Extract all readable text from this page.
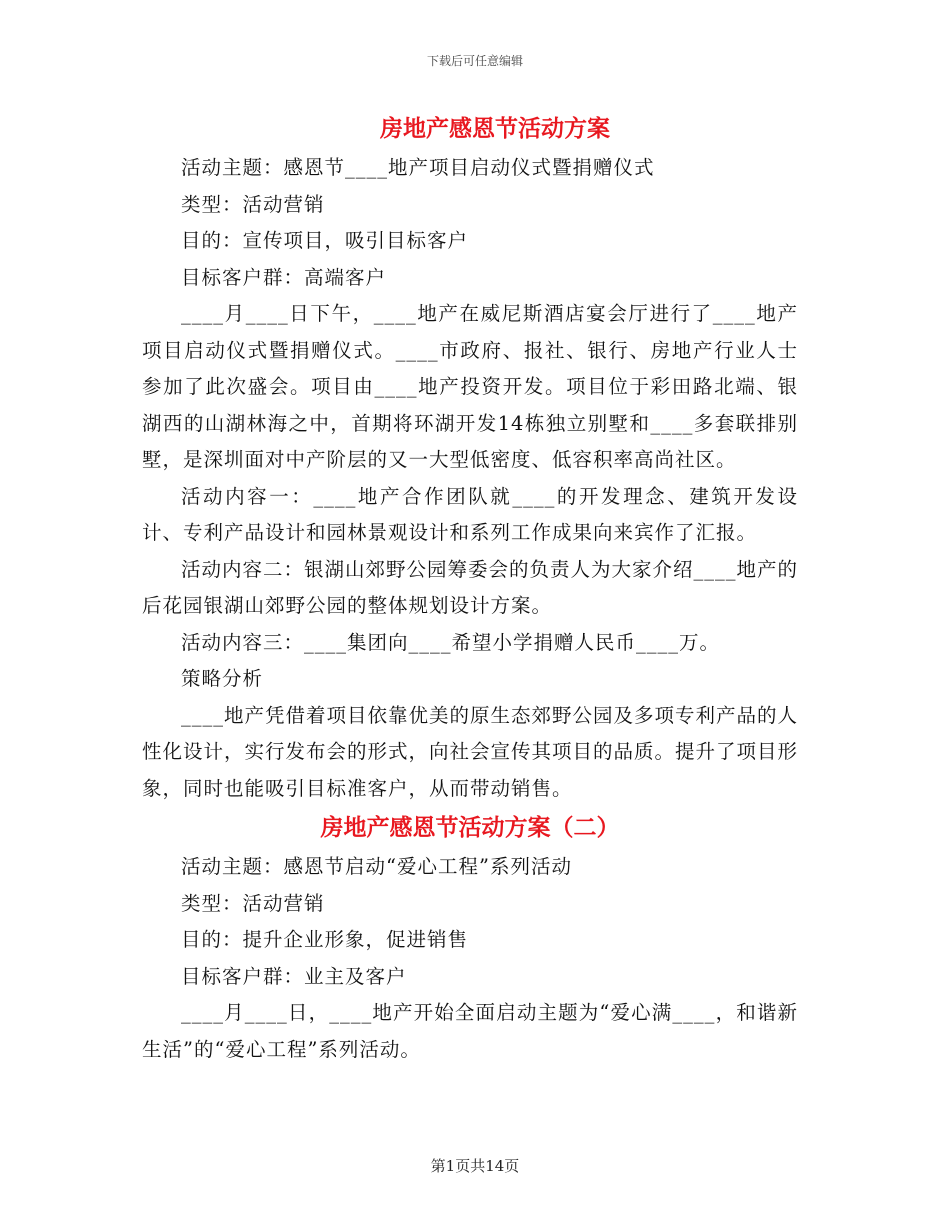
下载后可任意编辑
房地产感恩节活动方案

活动主题：感恩节____地产项目启动仪式暨捐赠仪式

类型：活动营销

目的：宣传项目，吸引目标客户

目标客户群：高端客户

____月____日下午，____地产在威尼斯酒店宴会厅进行了____地产项目启动仪式暨捐赠仪式。____市政府、报社、银行、房地产行业人士参加了此次盛会。项目由____地产投资开发。项目位于彩田路北端、银湖西的山湖林海之中，首期将环湖开发14栋独立别墅和____多套联排别墅，是深圳面对中产阶层的又一大型低密度、低容积率高尚社区。

活动内容一：____地产合作团队就____的开发理念、建筑开发设计、专利产品设计和园林景观设计和系列工作成果向来宾作了汇报。

活动内容二：银湖山郊野公园筹委会的负责人为大家介绍____地产的后花园银湖山郊野公园的整体规划设计方案。

活动内容三：____集团向____希望小学捐赠人民币____万。

策略分析

____地产凭借着项目依靠优美的原生态郊野公园及多项专利产品的人性化设计，实行发布会的形式，向社会宣传其项目的品质。提升了项目形象，同时也能吸引目标准客户，从而带动销售。

房地产感恩节活动方案（二）

活动主题：感恩节启动“爱心工程”系列活动

类型：活动营销

目的：提升企业形象，促进销售

目标客户群：业主及客户

____月____日，____地产开始全面启动主题为“爱心满____，和谐新生活”的“爱心工程”系列活动。

第1页共14页
